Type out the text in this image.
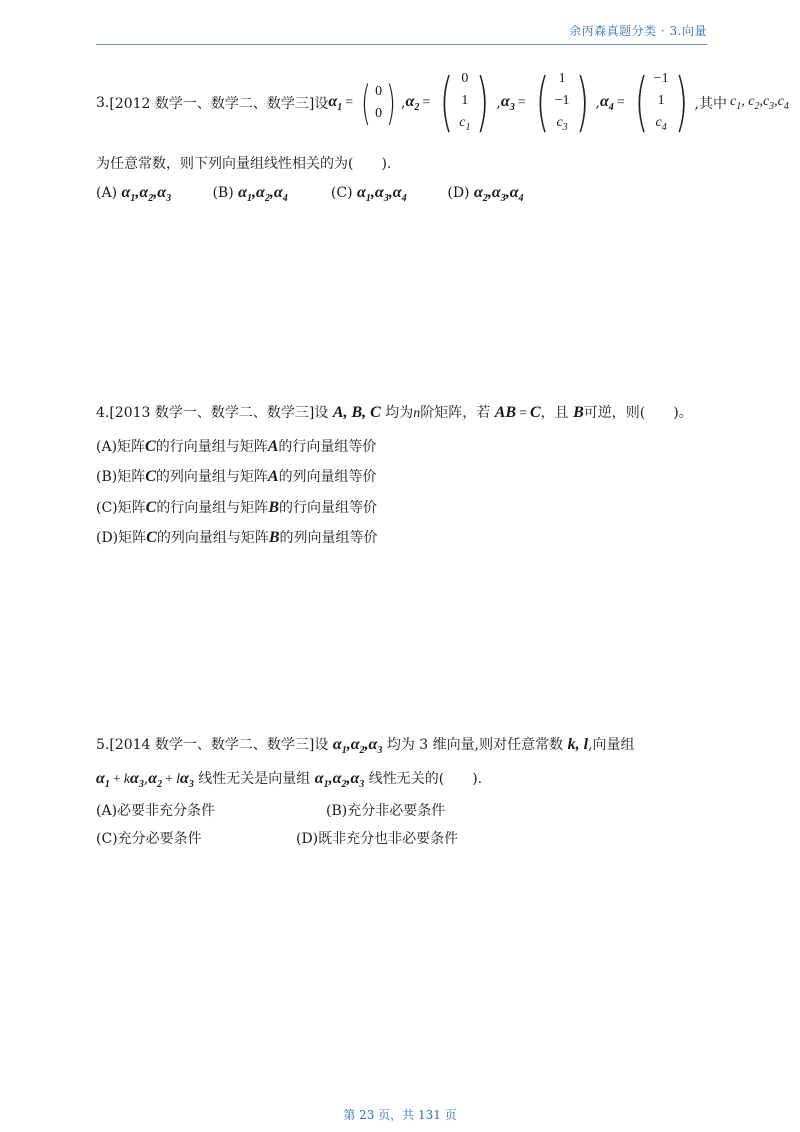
余丙森真题分类 · 3.向量
3. [2012 数学一、数学二、数学三] 设 $\alpha_1$ = ( 0
0 ) , $\alpha_2$ = ( 0
1
$c_1$ ) , $\alpha_3$ = ( 1
−1
$c_3$ ) , $\alpha_4$ = ( −1
1
$c_4$ ) ,其中 $c_1$, $c_2,c_3,c_4$
为任意常数，则下列向量组线性相关的为(　　).
(A) $\alpha_1,\alpha_2,\alpha_3$	(B) $\alpha_1,\alpha_2,\alpha_4$	(C) $\alpha_1,\alpha_3,\alpha_4$	(D) $\alpha_2,\alpha_3,\alpha_4$
4.[2013 数学一、数学二、数学三]设 A, B, C 均为n阶矩阵，若 AB = C，且 B可逆，则(　　)。
(A)矩阵C的行向量组与矩阵A的行向量组等价
(B)矩阵C的列向量组与矩阵A的列向量组等价
(C)矩阵C的行向量组与矩阵B的行向量组等价
(D)矩阵C的列向量组与矩阵B的列向量组等价
5.[2014 数学一、数学二、数学三]设 $\alpha_1,\alpha_2,\alpha_3$ 均为 3 维向量,则对任意常数 k, l,向量组
$\alpha_1 + k\alpha_3,\alpha_2 + l\alpha_3$ 线性无关是向量组 $\alpha_1,\alpha_2,\alpha_3$ 线性无关的(　　).
(A)必要非充分条件	(B)充分非必要条件
(C)充分必要条件	(D)既非充分也非必要条件
第 23 页，共 131 页
